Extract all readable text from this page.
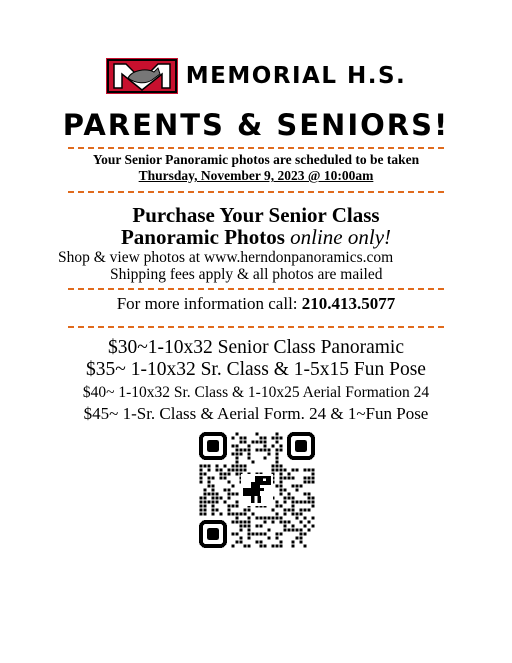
MEMORIAL H.S.
PARENTS & SENIORS!
Your Senior Panoramic photos are scheduled to be taken
Thursday, November 9, 2023 @ 10:00am
Purchase Your Senior Class
Panoramic Photos online only!
Shop & view photos at www.herndonpanoramics.com
Shipping fees apply & all photos are mailed
For more information call: 210.413.5077
$30~1-10x32 Senior Class Panoramic
$35~ 1-10x32 Sr. Class & 1-5x15 Fun Pose
$40~ 1-10x32 Sr. Class & 1-10x25 Aerial Formation 24
$45~ 1-Sr. Class & Aerial Form. 24 & 1~Fun Pose
